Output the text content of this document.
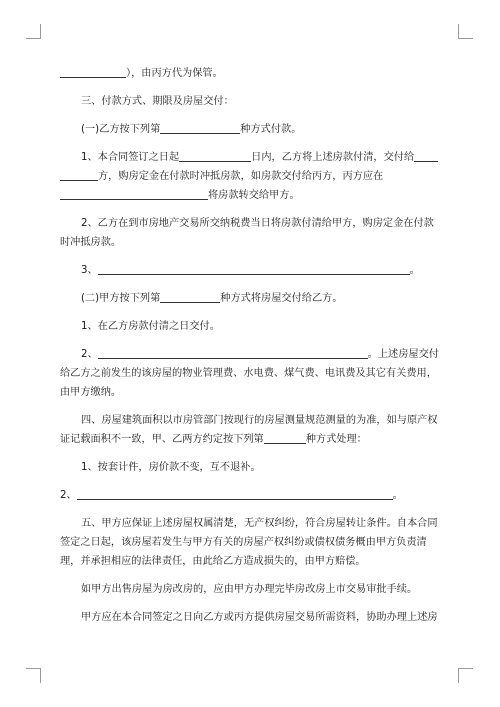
），由丙方代为保管。

三、付款方式、期限及房屋交付：

(一)乙方按下列第	种方式付款。

1、本合同签订之日起	日内，乙方将上述房款付清，交付给方，购房定金在付款时冲抵房款，如房款交付给丙方，丙方应在将房款转交给甲方。

2、乙方在到市房地产交易所交纳税费当日将房款付清给甲方，购房定金在付款时冲抵房款。

3、	。

(二)甲方按下列第	种方式将房屋交付给乙方。

1、在乙方房款付清之日交付。

2、	。上述房屋交付给乙方之前发生的该房屋的物业管理费、水电费、煤气费、电讯费及其它有关费用，由甲方缴纳。

四、房屋建筑面积以市房管部门按现行的房屋测量规范测量的为准，如与原产权证记载面积不一致，甲、乙两方约定按下列第	种方式处理：

1、按套计件，房价款不变，互不退补。

2、	。

五、甲方应保证上述房屋权属清楚，无产权纠纷，符合房屋转让条件。自本合同签定之日起，该房屋若发生与甲方有关的房屋产权纠纷或债权债务概由甲方负责清理，并承担相应的法律责任，由此给乙方造成损失的，由甲方赔偿。

如甲方出售房屋为房改房的，应由甲方办理完毕房改房上市交易审批手续。

甲方应在本合同签定之日向乙方或丙方提供房屋交易所需资料，协助办理上述房
